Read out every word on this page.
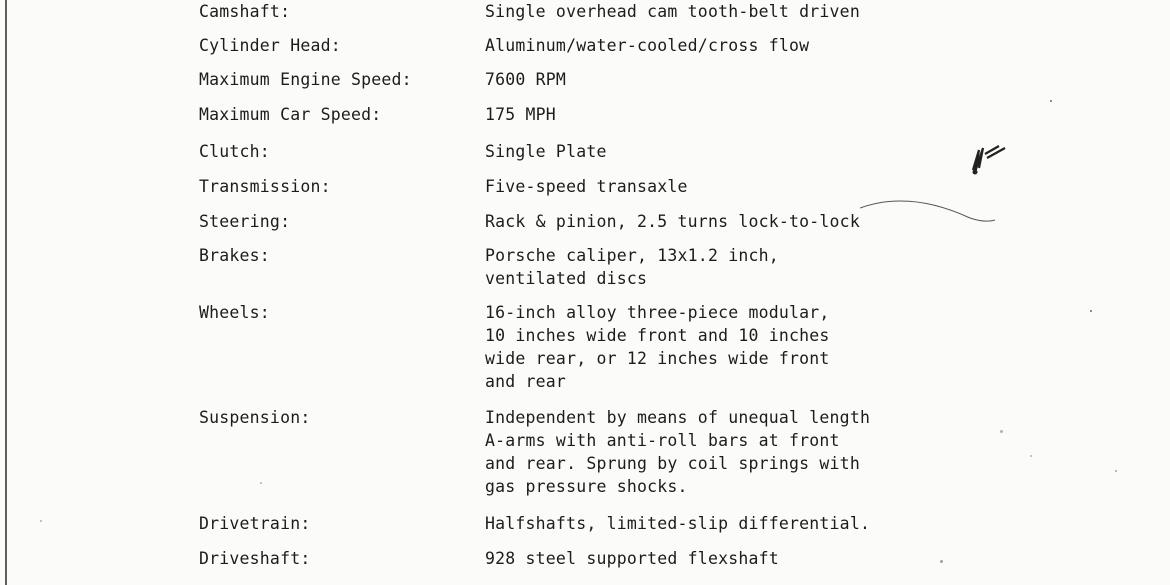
Camshaft:	Single overhead cam tooth-belt driven
Cylinder Head:	Aluminum/water-cooled/cross flow
Maximum Engine Speed:	7600 RPM
Maximum Car Speed:	175 MPH
Clutch:	Single Plate
Transmission:	Five-speed transaxle
Steering:	Rack & pinion, 2.5 turns lock-to-lock
Brakes:	Porsche caliper, 13x1.2 inch,
ventilated discs
Wheels:	16-inch alloy three-piece modular,
10 inches wide front and 10 inches
wide rear, or 12 inches wide front
and rear
Suspension:	Independent by means of unequal length
A-arms with anti-roll bars at front
and rear. Sprung by coil springs with
gas pressure shocks.
Drivetrain:	Halfshafts, limited-slip differential.
Driveshaft:	928 steel supported flexshaft
